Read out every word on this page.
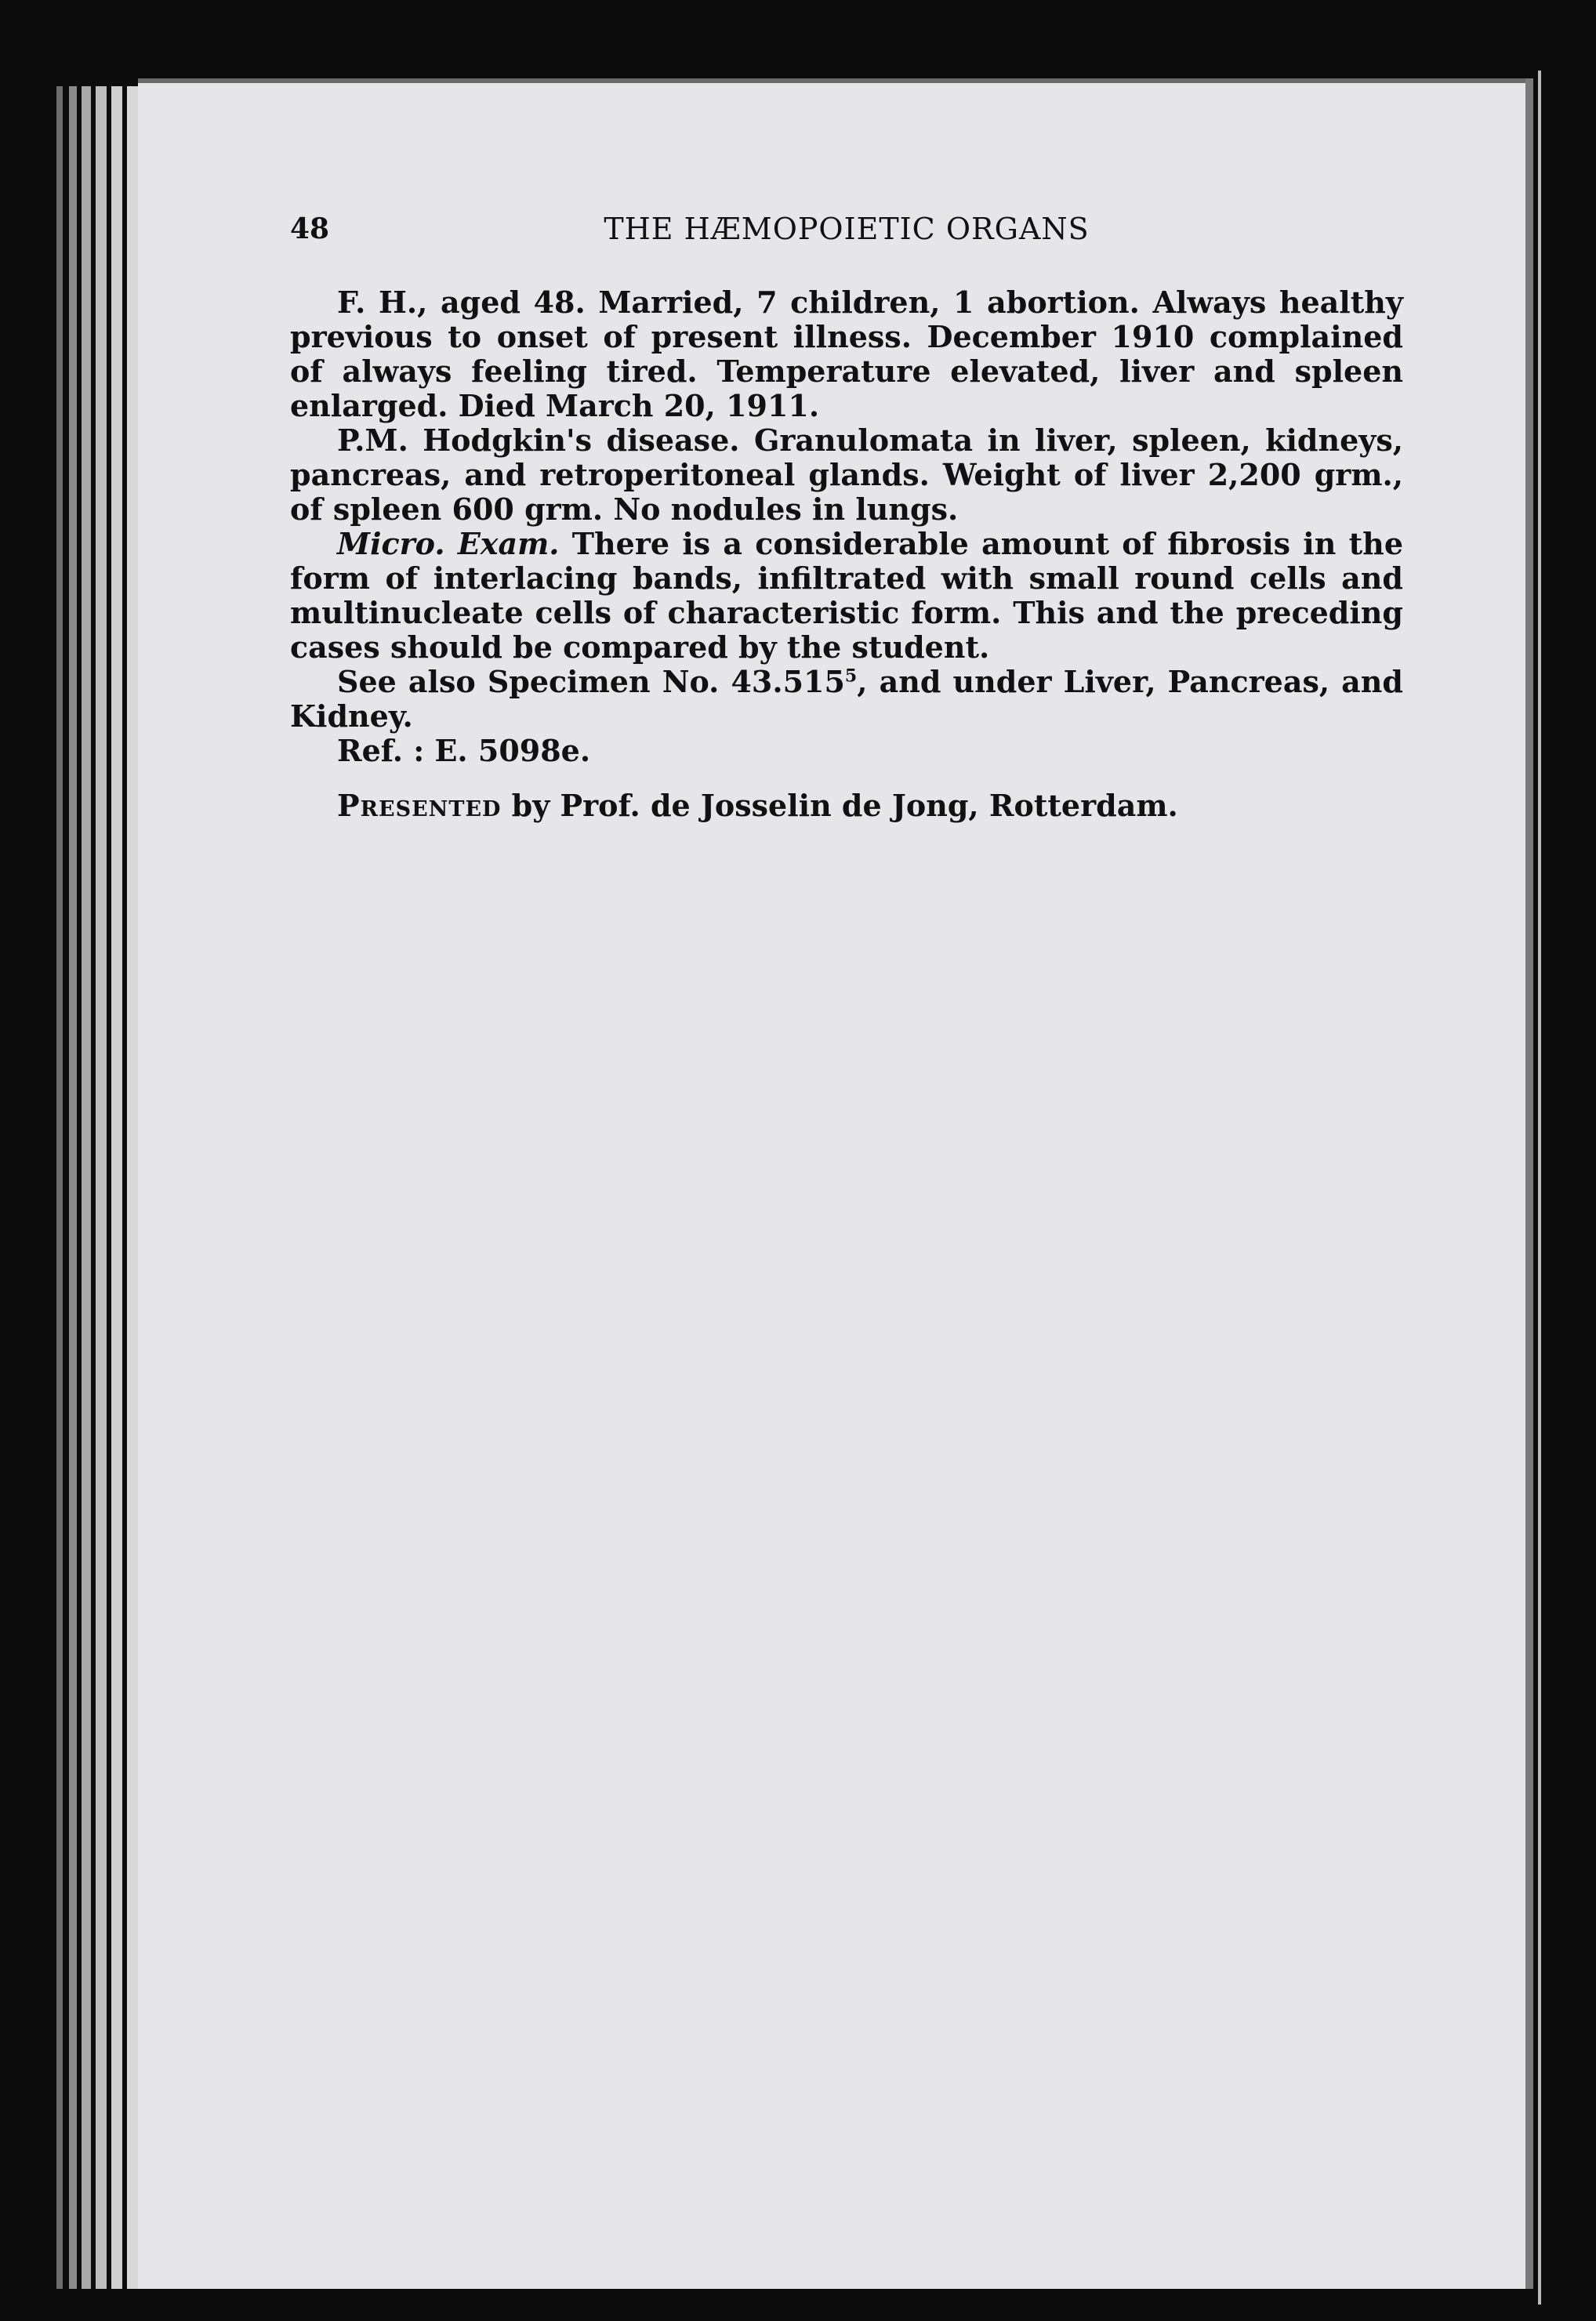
48	THE HÆMOPOIETIC ORGANS

F. H., aged 48. Married, 7 children, 1 abortion. Always healthy previous to onset of present illness. December 1910 complained of always feeling tired. Temperature elevated, liver and spleen enlarged. Died March 20, 1911.

P.M. Hodgkin's disease. Granulomata in liver, spleen, kidneys, pancreas, and retroperitoneal glands. Weight of liver 2,200 grm., of spleen 600 grm. No nodules in lungs.

Micro. Exam. There is a considerable amount of fibrosis in the form of interlacing bands, infiltrated with small round cells and multinucleate cells of characteristic form. This and the preceding cases should be compared by the student.

See also Specimen No. 43.515$^5$, and under Liver, Pancreas, and Kidney.

Ref. : E. 5098e.

Presented by Prof. de Josselin de Jong, Rotterdam.
